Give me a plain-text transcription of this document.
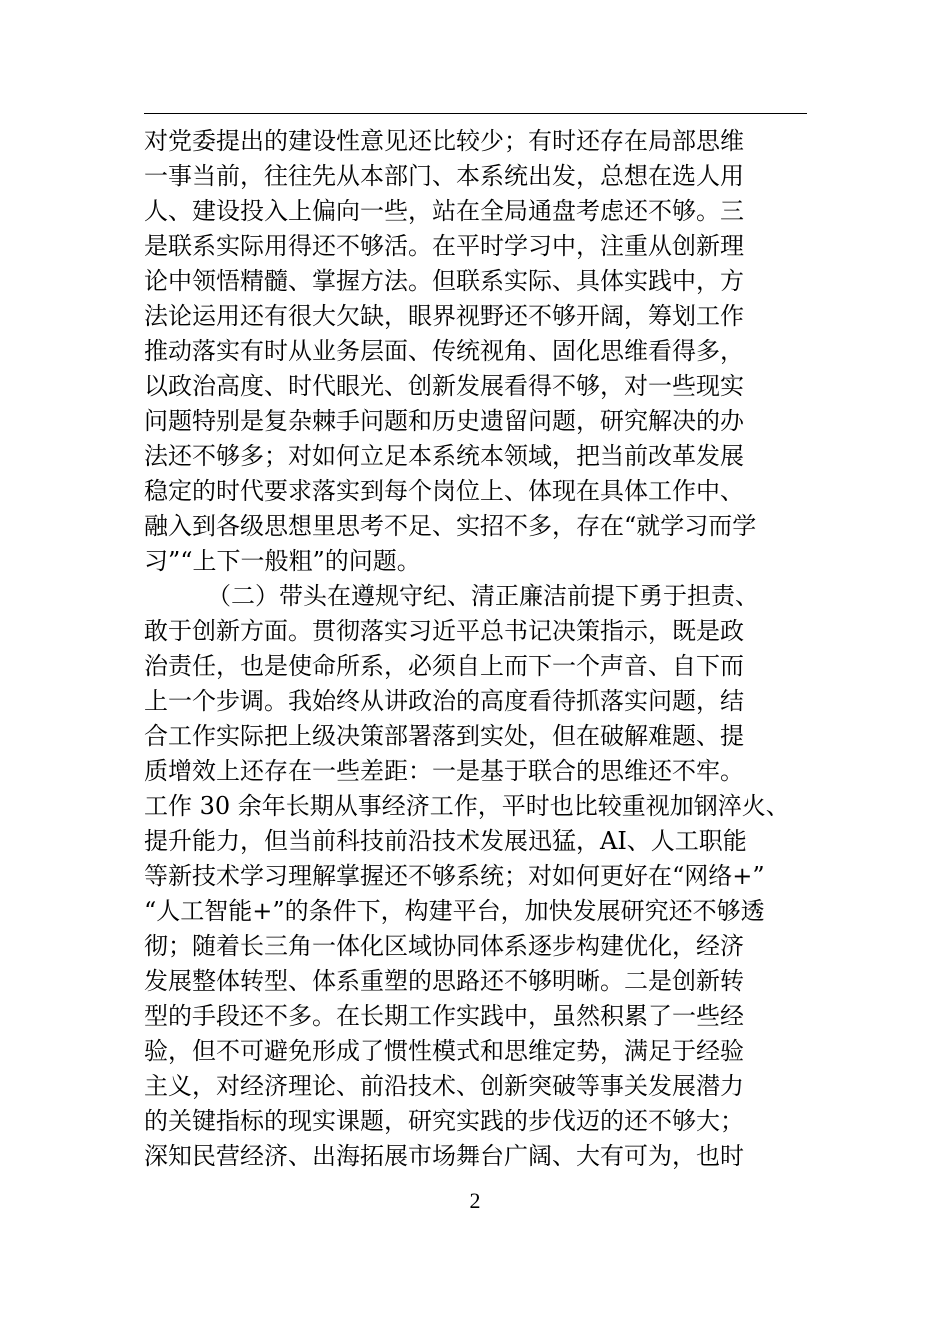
对党委提出的建设性意见还比较少；有时还存在局部思维
一事当前，往往先从本部门、本系统出发，总想在选人用
人、建设投入上偏向一些，站在全局通盘考虑还不够。三
是联系实际用得还不够活。在平时学习中，注重从创新理
论中领悟精髓、掌握方法。但联系实际、具体实践中，方
法论运用还有很大欠缺，眼界视野还不够开阔，筹划工作
推动落实有时从业务层面、传统视角、固化思维看得多，
以政治高度、时代眼光、创新发展看得不够，对一些现实
问题特别是复杂棘手问题和历史遗留问题，研究解决的办
法还不够多；对如何立足本系统本领域，把当前改革发展
稳定的时代要求落实到每个岗位上、体现在具体工作中、
融入到各级思想里思考不足、实招不多，存在“就学习而学
习”“上下一般粗”的问题。
（二）带头在遵规守纪、清正廉洁前提下勇于担责、
敢于创新方面。贯彻落实习近平总书记决策指示，既是政
治责任，也是使命所系，必须自上而下一个声音、自下而
上一个步调。我始终从讲政治的高度看待抓落实问题，结
合工作实际把上级决策部署落到实处，但在破解难题、提
质增效上还存在一些差距：一是基于联合的思维还不牢。
工作 30 余年长期从事经济工作，平时也比较重视加钢淬火、
提升能力，但当前科技前沿技术发展迅猛，AI、人工职能
等新技术学习理解掌握还不够系统；对如何更好在“网络+”
“人工智能+”的条件下，构建平台，加快发展研究还不够透
彻；随着长三角一体化区域协同体系逐步构建优化，经济
发展整体转型、体系重塑的思路还不够明晰。二是创新转
型的手段还不多。在长期工作实践中，虽然积累了一些经
验，但不可避免形成了惯性模式和思维定势，满足于经验
主义，对经济理论、前沿技术、创新突破等事关发展潜力
的关键指标的现实课题，研究实践的步伐迈的还不够大；
深知民营经济、出海拓展市场舞台广阔、大有可为，也时
2
